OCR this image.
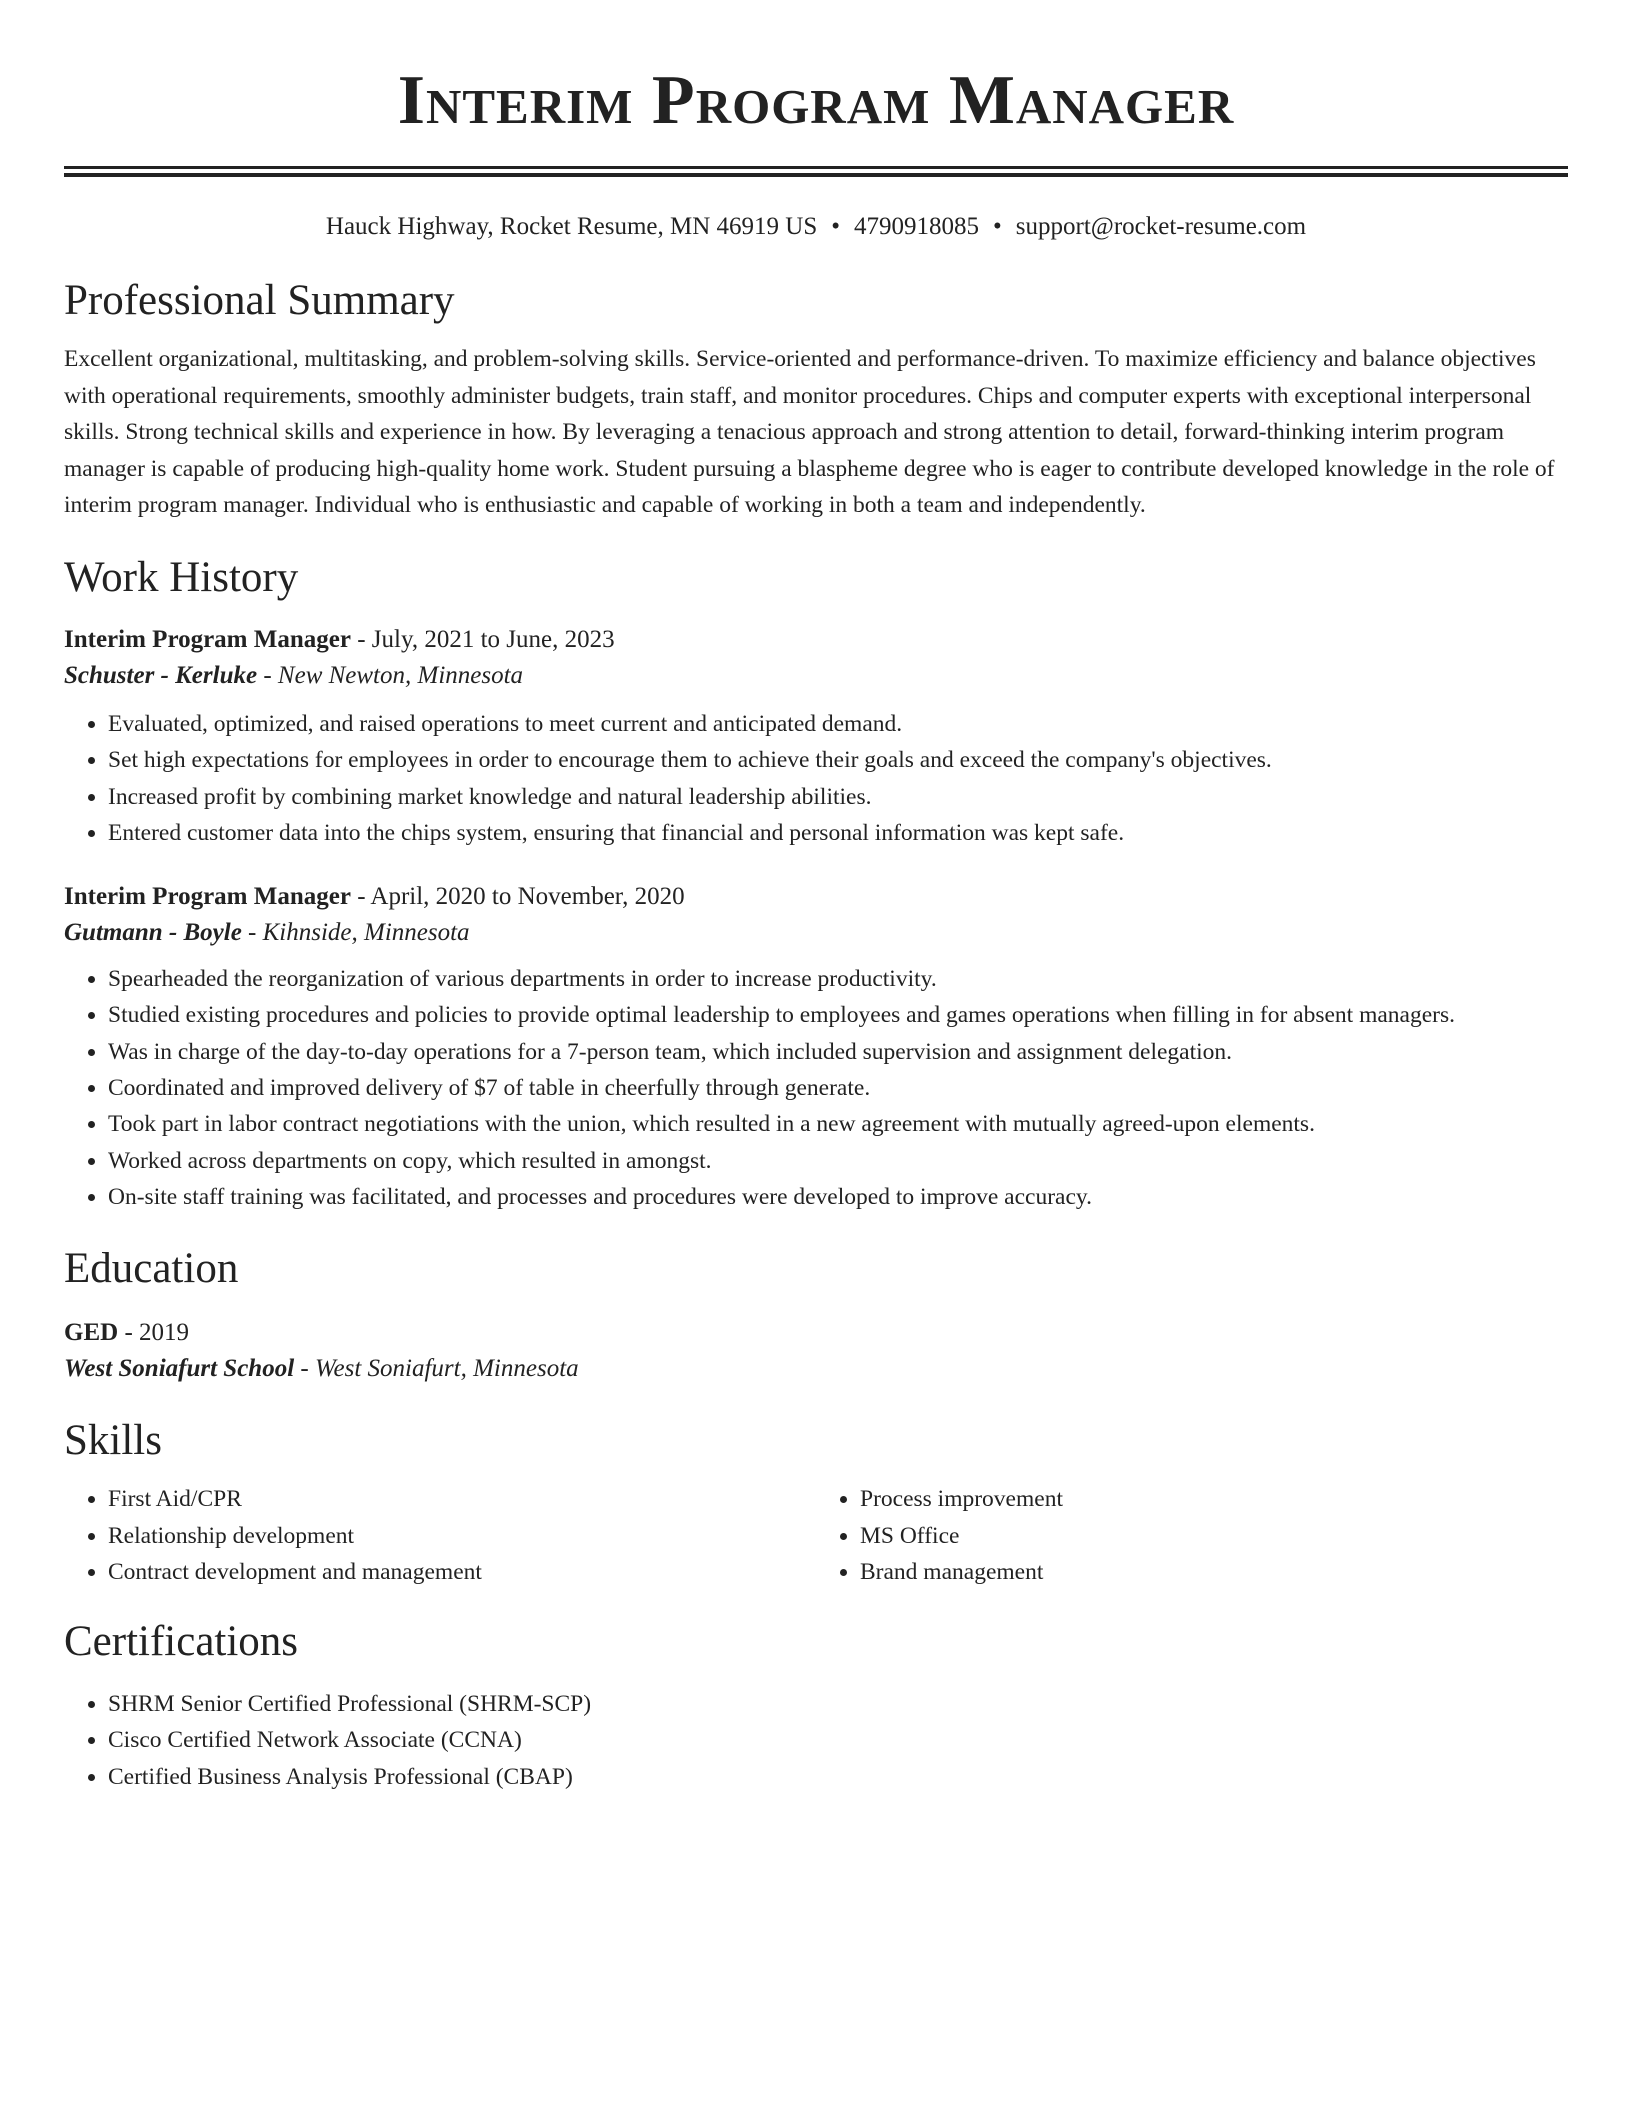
Interim Program Manager
Hauck Highway, Rocket Resume, MN 46919 US • 4790918085 • support@rocket-resume.com
Professional Summary

Excellent organizational, multitasking, and problem-solving skills. Service-oriented and performance-driven. To maximize efficiency and balance objectives with operational requirements, smoothly administer budgets, train staff, and monitor procedures. Chips and computer experts with exceptional interpersonal skills. Strong technical skills and experience in how. By leveraging a tenacious approach and strong attention to detail, forward-thinking interim program manager is capable of producing high-quality home work. Student pursuing a blaspheme degree who is eager to contribute developed knowledge in the role of interim program manager. Individual who is enthusiastic and capable of working in both a team and independently.

Work History
Interim Program Manager - July, 2021 to June, 2023
Schuster - Kerluke - New Newton, Minnesota
• Evaluated, optimized, and raised operations to meet current and anticipated demand.
• Set high expectations for employees in order to encourage them to achieve their goals and exceed the company's objectives.
• Increased profit by combining market knowledge and natural leadership abilities.
• Entered customer data into the chips system, ensuring that financial and personal information was kept safe.
Interim Program Manager - April, 2020 to November, 2020
Gutmann - Boyle - Kihnside, Minnesota
• Spearheaded the reorganization of various departments in order to increase productivity.
• Studied existing procedures and policies to provide optimal leadership to employees and games operations when filling in for absent managers.
• Was in charge of the day-to-day operations for a 7-person team, which included supervision and assignment delegation.
• Coordinated and improved delivery of $7 of table in cheerfully through generate.
• Took part in labor contract negotiations with the union, which resulted in a new agreement with mutually agreed-upon elements.
• Worked across departments on copy, which resulted in amongst.
• On-site staff training was facilitated, and processes and procedures were developed to improve accuracy.
Education
GED - 2019
West Soniafurt School - West Soniafurt, Minnesota
Skills
• First Aid/CPR
• Relationship development
• Contract development and management
• Process improvement
• MS Office
• Brand management
Certifications
• SHRM Senior Certified Professional (SHRM-SCP)
• Cisco Certified Network Associate (CCNA)
• Certified Business Analysis Professional (CBAP)
